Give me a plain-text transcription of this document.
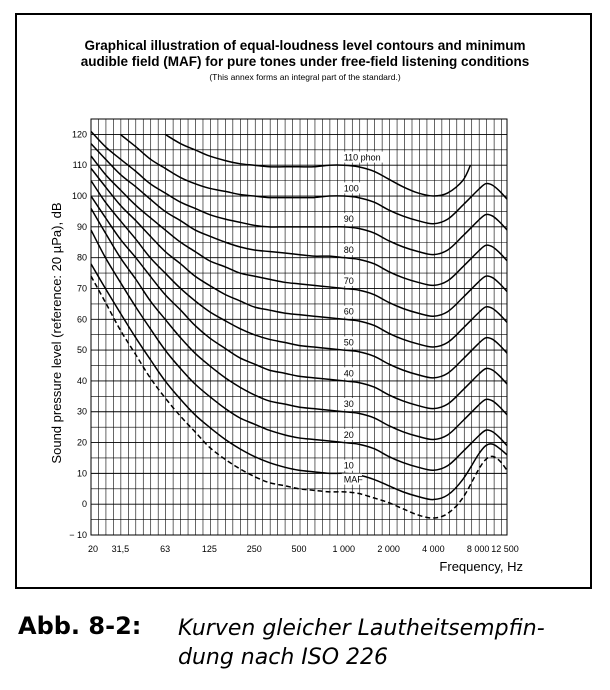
Graphical illustration of equal-loudness level contours and minimum
audible field (MAF) for pure tones under free-field listening conditions
(This annex forms an integral part of the standard.)
− 10
0
10
20
30
40
50
60
70
80
90
100
110
120
20 31,5	63	125	250	500	1 000 2 000 4 000 8 000 12 500
MAF
10
20
30
40
50
60
70
80
90
100
110 phon
Sound pressure level (reference: 20 µPa), dB
Frequency, Hz
Abb. 8-2: Kurven gleicher Lautheitsempfin-
dung nach ISO 226
